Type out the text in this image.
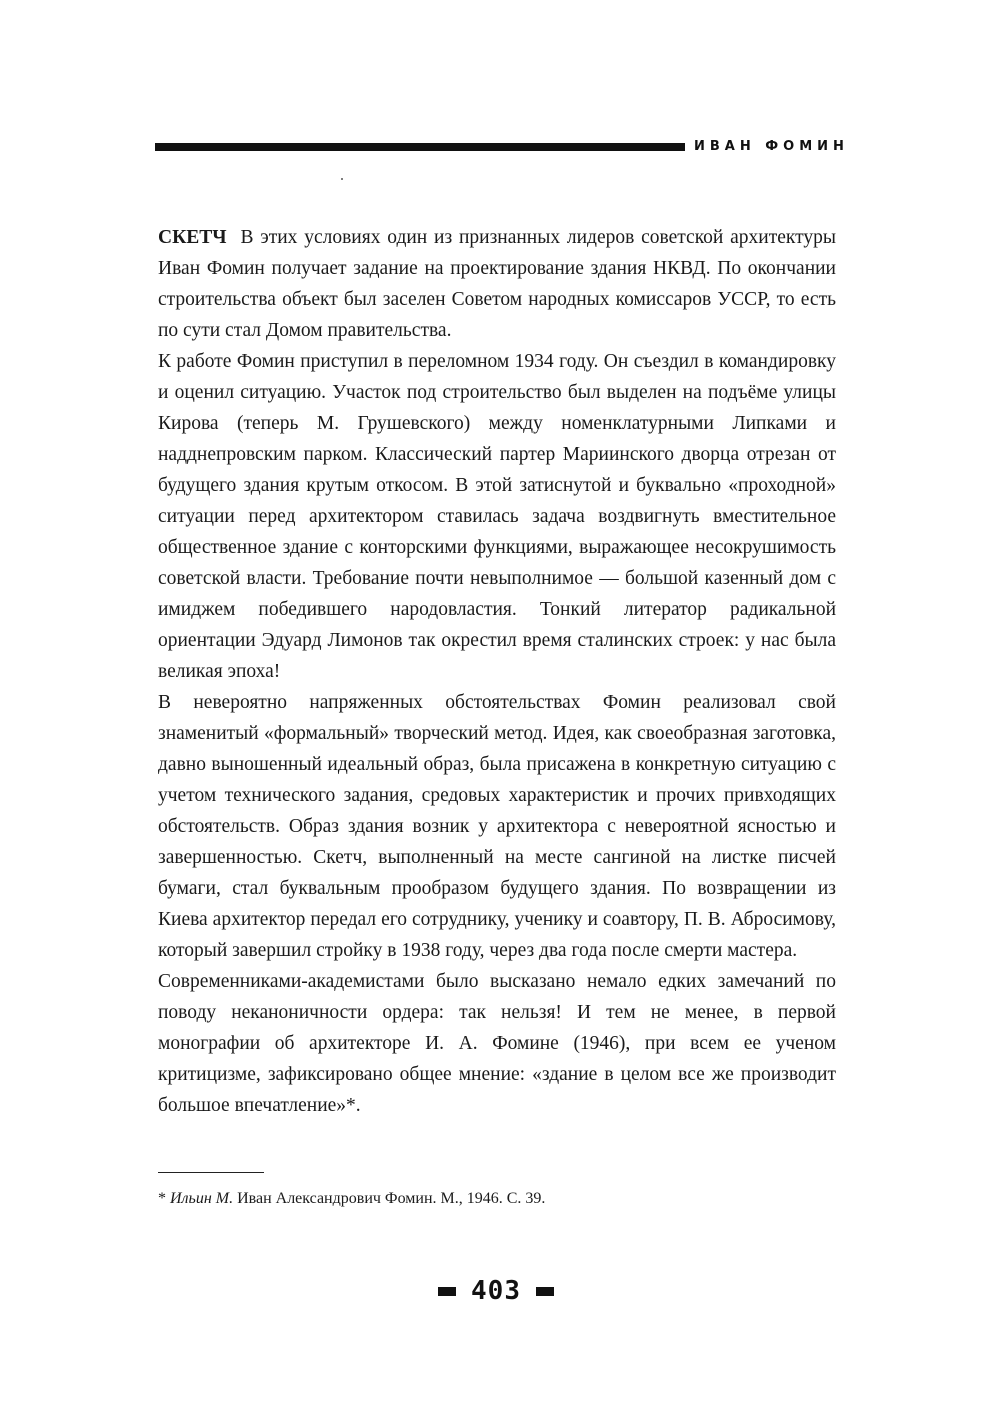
ИВАН ФОМИН

СКЕТЧ В этих условиях один из признанных лидеров советской архитектуры Иван Фомин получает задание на проектирование здания НКВД. По окончании строительства объект был заселен Советом народных комиссаров УССР, то есть по сути стал Домом правительства.

К работе Фомин приступил в переломном 1934 году. Он съездил в командировку и оценил ситуацию. Участок под строительство был выделен на подъёме улицы Кирова (теперь М. Грушевского) между номенклатурными Липками и надднепровским парком. Классический партер Мариинского дворца отрезан от будущего здания крутым откосом. В этой затиснутой и буквально «проходной» ситуации перед архитектором ставилась задача воздвигнуть вместительное общественное здание с конторскими функциями, выражающее несокрушимость советской власти. Требование почти невыполнимое — большой казенный дом с имиджем победившего народовластия. Тонкий литератор радикальной ориентации Эдуард Лимонов так окрестил время сталинских строек: у нас была великая эпоха!

В невероятно напряженных обстоятельствах Фомин реализовал свой знаменитый «формальный» творческий метод. Идея, как своеобразная заготовка, давно выношенный идеальный образ, была присажена в конкретную ситуацию с учетом технического задания, средовых характеристик и прочих привходящих обстоятельств. Образ здания возник у архитектора с невероятной ясностью и завершенностью. Скетч, выполненный на месте сангиной на листке писчей бумаги, стал буквальным прообразом будущего здания. По возвращении из Киева архитектор передал его сотруднику, ученику и соавтору, П. В. Абросимову, который завершил стройку в 1938 году, через два года после смерти мастера.

Современниками-академистами было высказано немало едких замечаний по поводу неканоничности ордера: так нельзя! И тем не менее, в первой монографии об архитекторе И. А. Фомине (1946), при всем ее ученом критицизме, зафиксировано общее мнение: «здание в целом все же производит большое впечатление»*.

* Ильин М. Иван Александрович Фомин. М., 1946. С. 39.
403
